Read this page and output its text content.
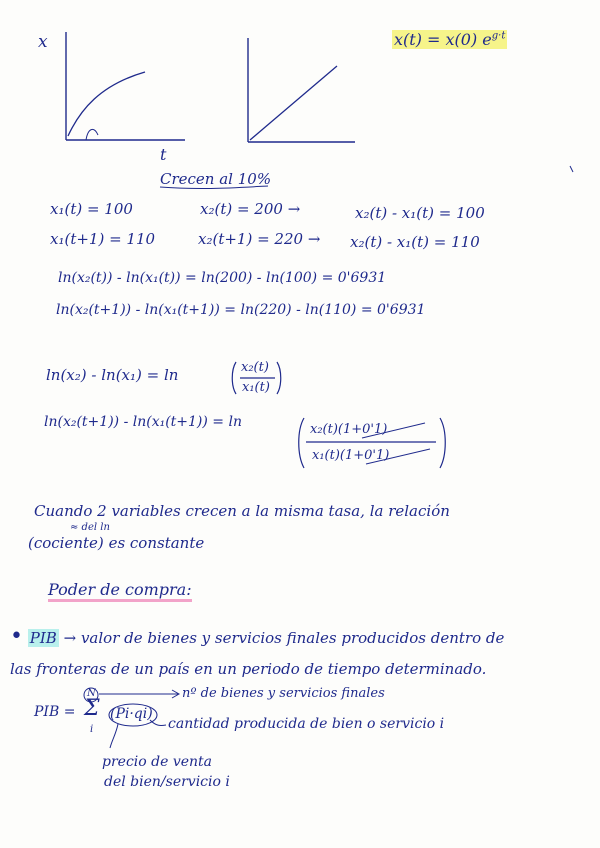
x
t
x(t) = x(0) $e^{g\cdot t}$
Crecen al 10%
x₁(t) = 100	x₂(t) = 200 →	x₂(t) - x₁(t) = 100
x₁(t+1) = 110	x₂(t+1) = 220 → x₂(t) - x₁(t) = 110
ln(x₂(t)) - ln(x₁(t)) = ln(200) - ln(100) = 0'6931
ln(x₂(t+1)) - ln(x₁(t+1)) = ln(220) - ln(110) = 0'6931
ln(x₂) - ln(x₁) = ln	x₂(t)
x₁(t)
ln(x₂(t+1)) - ln(x₁(t+1)) = ln	x₂(t)(1+0'1)
x₁(t)(1+0'1)
Cuando 2 variables crecen a la misma tasa, la relación
≈ del ln
(cociente) es constante
Poder de compra:
• PIB → valor de bienes y servicios finales producidos dentro de
las fronteras de un país en un periodo de tiempo determinado.
PIB =
N
Σ
i
(Pi·qi)
nº de bienes y servicios finales
cantidad producida de bien o servicio i
precio de venta
del bien/servicio i
